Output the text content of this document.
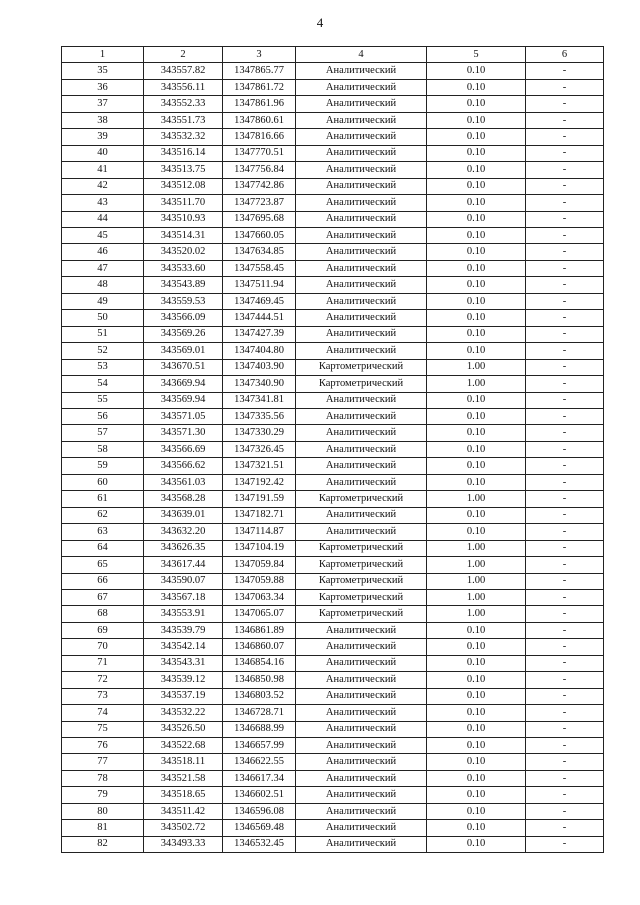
4
1	2	3	4	5	6
35	343557.82	1347865.77	Аналитический	0.10	-
36	343556.11	1347861.72	Аналитический	0.10	-
37	343552.33	1347861.96	Аналитический	0.10	-
38	343551.73	1347860.61	Аналитический	0.10	-
39	343532.32	1347816.66	Аналитический	0.10	-
40	343516.14	1347770.51	Аналитический	0.10	-
41	343513.75	1347756.84	Аналитический	0.10	-
42	343512.08	1347742.86	Аналитический	0.10	-
43	343511.70	1347723.87	Аналитический	0.10	-
44	343510.93	1347695.68	Аналитический	0.10	-
45	343514.31	1347660.05	Аналитический	0.10	-
46	343520.02	1347634.85	Аналитический	0.10	-
47	343533.60	1347558.45	Аналитический	0.10	-
48	343543.89	1347511.94	Аналитический	0.10	-
49	343559.53	1347469.45	Аналитический	0.10	-
50	343566.09	1347444.51	Аналитический	0.10	-
51	343569.26	1347427.39	Аналитический	0.10	-
52	343569.01	1347404.80	Аналитический	0.10	-
53	343670.51	1347403.90	Картометрический	1.00	-
54	343669.94	1347340.90	Картометрический	1.00	-
55	343569.94	1347341.81	Аналитический	0.10	-
56	343571.05	1347335.56	Аналитический	0.10	-
57	343571.30	1347330.29	Аналитический	0.10	-
58	343566.69	1347326.45	Аналитический	0.10	-
59	343566.62	1347321.51	Аналитический	0.10	-
60	343561.03	1347192.42	Аналитический	0.10	-
61	343568.28	1347191.59	Картометрический	1.00	-
62	343639.01	1347182.71	Аналитический	0.10	-
63	343632.20	1347114.87	Аналитический	0.10	-
64	343626.35	1347104.19	Картометрический	1.00	-
65	343617.44	1347059.84	Картометрический	1.00	-
66	343590.07	1347059.88	Картометрический	1.00	-
67	343567.18	1347063.34	Картометрический	1.00	-
68	343553.91	1347065.07	Картометрический	1.00	-
69	343539.79	1346861.89	Аналитический	0.10	-
70	343542.14	1346860.07	Аналитический	0.10	-
71	343543.31	1346854.16	Аналитический	0.10	-
72	343539.12	1346850.98	Аналитический	0.10	-
73	343537.19	1346803.52	Аналитический	0.10	-
74	343532.22	1346728.71	Аналитический	0.10	-
75	343526.50	1346688.99	Аналитический	0.10	-
76	343522.68	1346657.99	Аналитический	0.10	-
77	343518.11	1346622.55	Аналитический	0.10	-
78	343521.58	1346617.34	Аналитический	0.10	-
79	343518.65	1346602.51	Аналитический	0.10	-
80	343511.42	1346596.08	Аналитический	0.10	-
81	343502.72	1346569.48	Аналитический	0.10	-
82	343493.33	1346532.45	Аналитический	0.10	-
